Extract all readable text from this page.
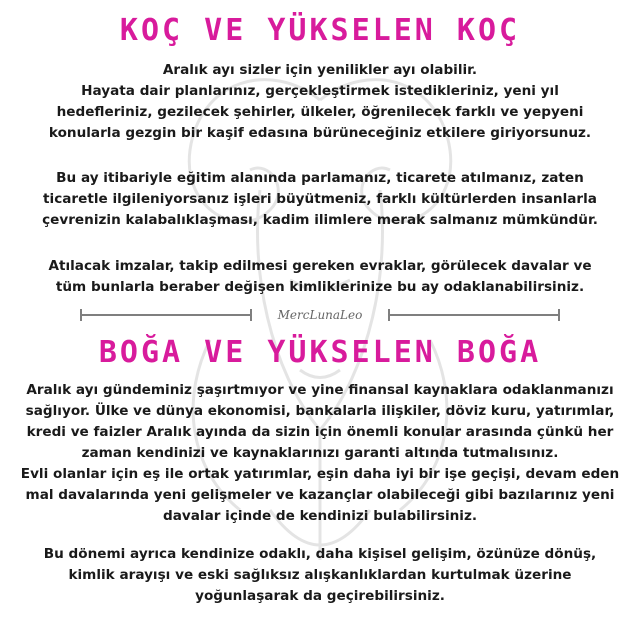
KOÇ VE YÜKSELEN KOÇ

Aralık ayı sizler için yenilikler ayı olabilir.
Hayata dair planlarınız, gerçekleştirmek istedikleriniz, yeni yıl
hedefleriniz, gezilecek şehirler, ülkeler, öğrenilecek farklı ve yepyeni
konularla gezgin bir kaşif edasına bürüneceğiniz etkilere giriyorsunuz.

Bu ay itibariyle eğitim alanında parlamanız, ticarete atılmanız, zaten
ticaretle ilgileniyorsanız işleri büyütmeniz, farklı kültürlerden insanlarla
çevrenizin kalabalıklaşması, kadim ilimlere merak salmanız mümkündür.

Atılacak imzalar, takip edilmesi gereken evraklar, görülecek davalar ve
tüm bunlarla beraber değişen kimliklerinize bu ay odaklanabilirsiniz.

MercLunaLeo
BOĞA VE YÜKSELEN BOĞA

Aralık ayı gündeminiz şaşırtmıyor ve yine finansal kaynaklara odaklanmanızı
sağlıyor. Ülke ve dünya ekonomisi, bankalarla ilişkiler, döviz kuru, yatırımlar,
kredi ve faizler Aralık ayında da sizin için önemli konular arasında çünkü her
zaman kendinizi ve kaynaklarınızı garanti altında tutmalısınız.
Evli olanlar için eş ile ortak yatırımlar, eşin daha iyi bir işe geçişi, devam eden
mal davalarında yeni gelişmeler ve kazançlar olabileceği gibi bazılarınız yeni
davalar içinde de kendinizi bulabilirsiniz.

Bu dönemi ayrıca kendinize odaklı, daha kişisel gelişim, özünüze dönüş,
kimlik arayışı ve eski sağlıksız alışkanlıklardan kurtulmak üzerine
yoğunlaşarak da geçirebilirsiniz.
